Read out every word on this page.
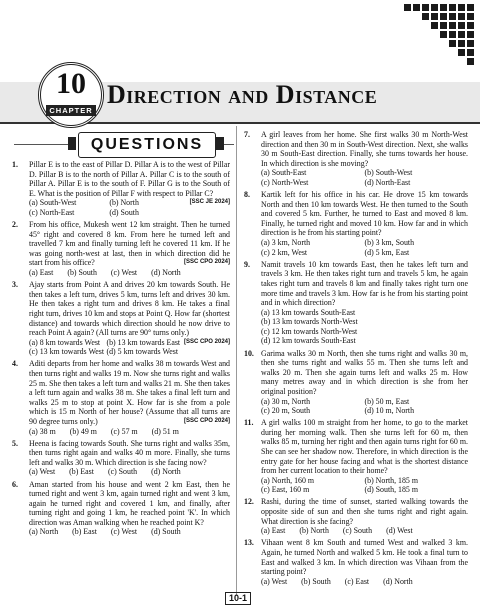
Direction and Distance
10
CHAPTER
QUESTIONS
1. Pillar E is to the east of Pillar D. Pillar A is to the west of Pillar D. Pillar B is to the north of Pillar A. Pillar C is to the south of Pillar A. Pillar E is to the south of F. Pillar G is to the South of E. What is the position of Pillar F with respect to Pillar C?
[SSC JE 2024]

(a) South-West	(b) North
(c) North-East	(d) South
2. From his office, Mukesh went 12 km straight. Then he turned 45° right and covered 8 km. From here he turned left and travelled 7 km and finally turning left he covered 11 km. If he was going north-west at last, then in which direction did he start from his office?	[SSC CPO 2024]

(a) East (b) South (c) West (d) North
3. Ajay starts from Point A and drives 20 km towards South. He then takes a left turn, drives 5 km, turns left and drives 30 km. He then takes a right turn and drives 8 km. He takes a final right turn, drives 10 km and stops at Point Q. How far (shortest distance) and towards which direction should he now drive to reach Point A again? (All turns are 90° turns only.)
[SSC CPO 2024]

(a) 8 km towards West (b) 13 km towards East
(c) 13 km towards West (d) 5 km towards West
4. Aditi departs from her home and walks 38 m towards West and then turns right and walks 19 m. Now she turns right and walks 25 m. She then takes a left turn and walks 21 m. She then takes a left turn again and walks 38 m. She takes a final left turn and walks 25 m to stop at point X. How far is she from a pole which is 15 m North of her house? (Assume that all turns are 90 degree turns only.)	[SSC CPO 2024]

(a) 38 m (b) 49 m (c) 57 m (d) 51 m
5. Heena is facing towards South. She turns right and walks 35m, then turns right again and walks 40 m more. Finally, she turns left and walks 30 m. Which direction is she facing now?

(a) West (b) East (c) South (d) North
6. Aman started from his house and went 2 km East, then he turned right and went 3 km, again turned right and went 3 km, again he turned right and covered 1 km, and finally, after turning right and going 1 km, he reached point 'K'. In which direction was Aman walking when he reached point K?

(a) North (b) East (c) West (d) South
7. A girl leaves from her home. She first walks 30 m North-West direction and then 30 m in South-West direction. Next, she walks 30 m South-East direction. Finally, she turns towards her house. In which direction is she moving?

(a) South-East	(b) South-West
(c) North-West	(d) North-East
8. Kartik left for his office in his car. He drove 15 km towards North and then 10 km towards West. He then turned to the South and covered 5 km. Further, he turned to East and moved 8 km. Finally, he turned right and moved 10 km. How far and in which direction is he from his starting point?

(a) 3 km, North	(b) 3 km, South
(c) 2 km, West	(d) 5 km, East
9. Namit travels 10 km towards East, then he takes left turn and travels 3 km. He then takes right turn and travels 5 km, he again takes right turn and travels 8 km and finally takes right turn one more time and travels 3 km. How far is he from his starting point and in which direction?

(a) 13 km towards South-East
(b) 13 km towards North-West
(c) 12 km towards North-West
(d) 12 km towards South-East
10. Garima walks 30 m North, then she turns right and walks 30 m, then she turns right and walks 55 m. Then she turns left and walks 20 m. Then she again turns left and walks 25 m. How many metres away and in which direction is she from her original position?

(a) 30 m, North	(b) 50 m, East
(c) 20 m, South	(d) 10 m, North
11. A girl walks 100 m straight from her home, to go to the market during her morning walk. Then she turns left for 60 m, then walks 85 m, turning her right and then again turns right for 60 m. She can see her shadow now. Therefore, in which direction is the entry gate for her house facing and what is the shortest distance from her current location to their home?

(a) North, 160 m	(b) North, 185 m
(c) East, 160 m	(d) South, 185 m
12. Rashi, during the time of sunset, started walking towards the opposite side of sun and then she turns right and right again. What direction is she facing?

(a) East (b) North (c) South (d) West
13. Vihaan went 8 km South and turned West and walked 3 km. Again, he turned North and walked 5 km. He took a final turn to East and walked 3 km. In which direction was Vihaan from the starting point?

(a) West (b) South (c) East (d) North
10-1
